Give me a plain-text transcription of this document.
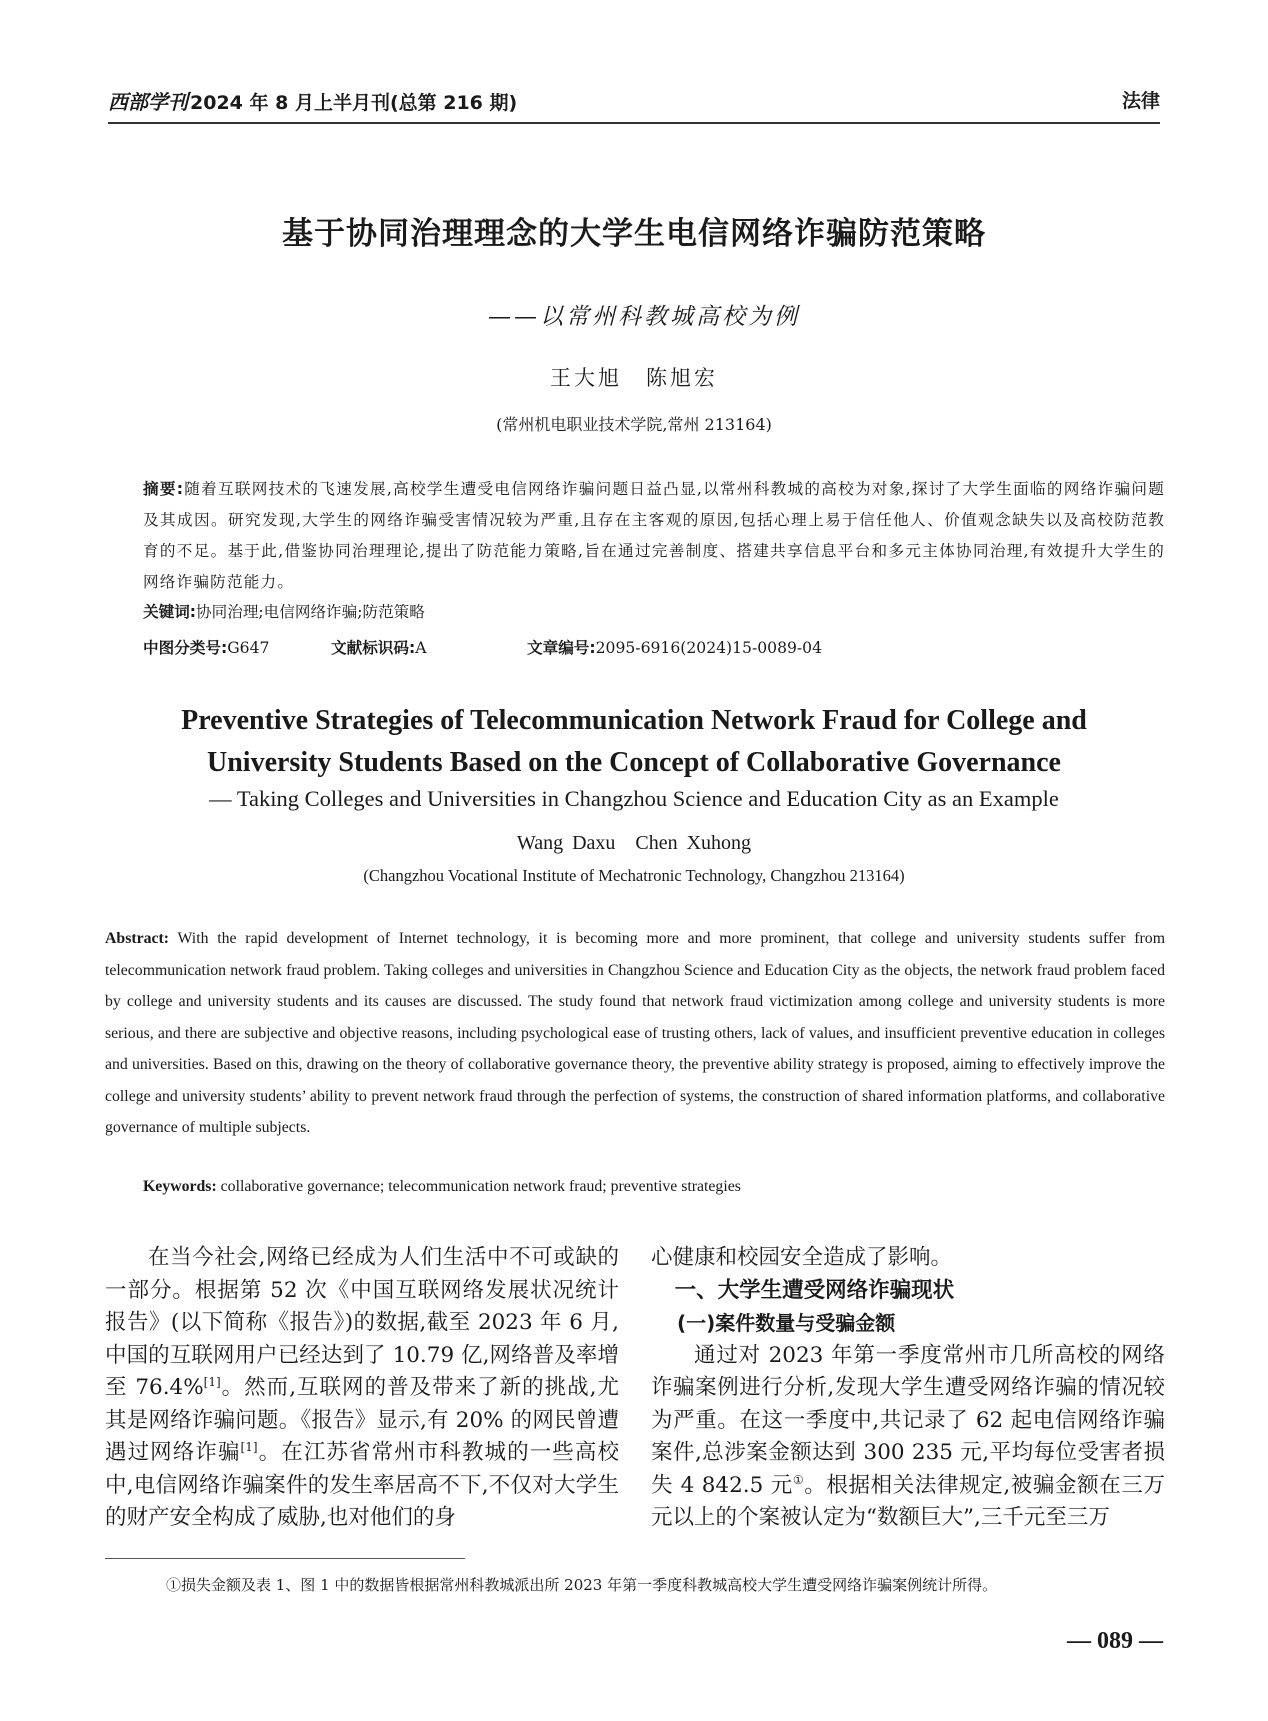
西部学刊 2024 年 8 月上半月刊(总第 216 期)	法律
基于协同治理理念的大学生电信网络诈骗防范策略
——以常州科教城高校为例
王大旭　陈旭宏
(常州机电职业技术学院,常州 213164)
摘要:随着互联网技术的飞速发展,高校学生遭受电信网络诈骗问题日益凸显,以常州科教城的高校为对象,探讨了大学生面临的网络诈骗问题及其成因。研究发现,大学生的网络诈骗受害情况较为严重,且存在主客观的原因,包括心理上易于信任他人、价值观念缺失以及高校防范教育的不足。基于此,借鉴协同治理理论,提出了防范能力策略,旨在通过完善制度、搭建共享信息平台和多元主体协同治理,有效提升大学生的网络诈骗防范能力。
关键词:协同治理;电信网络诈骗;防范策略
中图分类号:G647	文献标识码:A	文章编号:2095-6916(2024)15-0089-04
Preventive Strategies of Telecommunication Network Fraud for College and
University Students Based on the Concept of Collaborative Governance
— Taking Colleges and Universities in Changzhou Science and Education City as an Example
Wang Daxu　Chen Xuhong
(Changzhou Vocational Institute of Mechatronic Technology, Changzhou 213164)
Abstract: With the rapid development of Internet technology, it is becoming more and more prominent, that college and university students suffer from telecommunication network fraud problem. Taking colleges and universities in Changzhou Science and Education City as the objects, the network fraud problem faced by college and university students and its causes are discussed. The study found that network fraud victimization among college and university students is more serious, and there are subjective and objective reasons, including psychological ease of trusting others, lack of values, and insufficient preventive education in colleges and universities. Based on this, drawing on the theory of collaborative governance theory, the preventive ability strategy is proposed, aiming to effectively improve the college and university students’ ability to prevent network fraud through the perfection of systems, the construction of shared information platforms, and collaborative governance of multiple subjects.
Keywords: collaborative governance; telecommunication network fraud; preventive strategies

在当今社会,网络已经成为人们生活中不可或缺的一部分。根据第 52 次《中国互联网络发展状况统计报告》(以下简称《报告》)的数据,截至 2023 年 6 月,中国的互联网用户已经达到了 10.79 亿,网络普及率增至 76.4%[1]。然而,互联网的普及带来了新的挑战,尤其是网络诈骗问题。《报告》显示,有 20% 的网民曾遭遇过网络诈骗[1]。在江苏省常州市科教城的一些高校中,电信网络诈骗案件的发生率居高不下,不仅对大学生的财产安全构成了威胁,也对他们的身

心健康和校园安全造成了影响。

一、大学生遭受网络诈骗现状
(一)案件数量与受骗金额

通过对 2023 年第一季度常州市几所高校的网络诈骗案例进行分析,发现大学生遭受网络诈骗的情况较为严重。在这一季度中,共记录了 62 起电信网络诈骗案件,总涉案金额达到 300 235 元,平均每位受害者损失 4 842.5 元①。根据相关法律规定,被骗金额在三万元以上的个案被认定为“数额巨大”,三千元至三万

①损失金额及表 1、图 1 中的数据皆根据常州科教城派出所 2023 年第一季度科教城高校大学生遭受网络诈骗案例统计所得。
— 089 —
